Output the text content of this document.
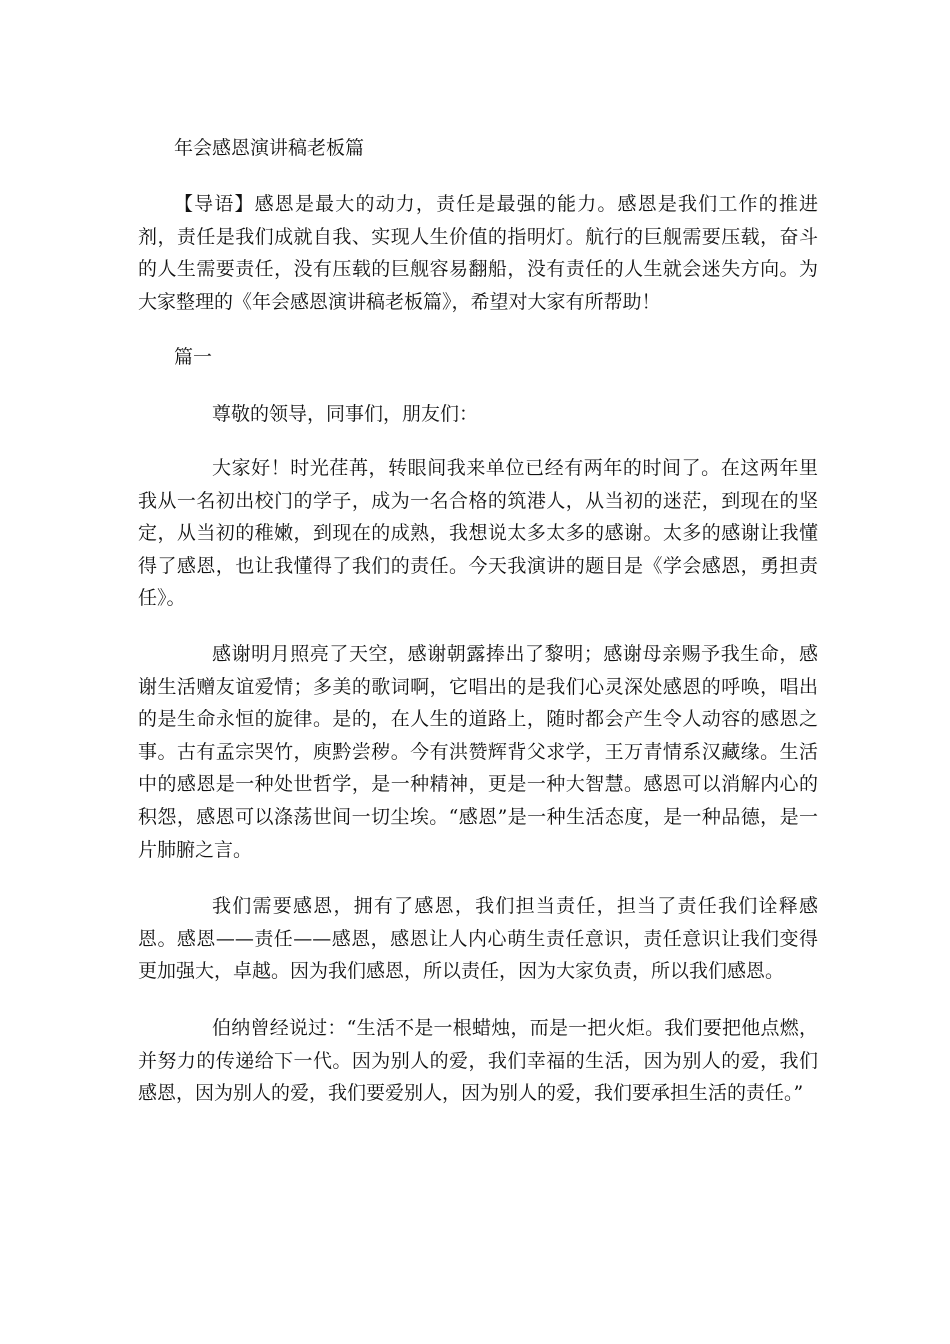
年会感恩演讲稿老板篇

【导语】感恩是最大的动力，责任是最强的能力。感恩是我们工作的推进剂，责任是我们成就自我、实现人生价值的指明灯。航行的巨舰需要压载，奋斗的人生需要责任，没有压载的巨舰容易翻船，没有责任的人生就会迷失方向。为大家整理的《年会感恩演讲稿老板篇》，希望对大家有所帮助！

篇一
尊敬的领导，同事们，朋友们：

大家好！时光荏苒，转眼间我来单位已经有两年的时间了。在这两年里我从一名初出校门的学子，成为一名合格的筑港人，从当初的迷茫，到现在的坚定，从当初的稚嫩，到现在的成熟，我想说太多太多的感谢。太多的感谢让我懂得了感恩，也让我懂得了我们的责任。今天我演讲的题目是《学会感恩，勇担责任》。

感谢明月照亮了天空，感谢朝露捧出了黎明；感谢母亲赐予我生命，感谢生活赠友谊爱情；多美的歌词啊，它唱出的是我们心灵深处感恩的呼唤，唱出的是生命永恒的旋律。是的，在人生的道路上，随时都会产生令人动容的感恩之事。古有孟宗哭竹，庾黔尝秽。今有洪赞辉背父求学，王万青情系汉藏缘。生活中的感恩是一种处世哲学，是一种精神，更是一种大智慧。感恩可以消解内心的积怨，感恩可以涤荡世间一切尘埃。“感恩”是一种生活态度，是一种品德，是一片肺腑之言。

我们需要感恩，拥有了感恩，我们担当责任，担当了责任我们诠释感恩。感恩——责任——感恩，感恩让人内心萌生责任意识，责任意识让我们变得更加强大，卓越。因为我们感恩，所以责任，因为大家负责，所以我们感恩。

伯纳曾经说过：“生活不是一根蜡烛，而是一把火炬。我们要把他点燃，并努力的传递给下一代。因为别人的爱，我们幸福的生活，因为别人的爱，我们感恩，因为别人的爱，我们要爱别人，因为别人的爱，我们要承担生活的责任。”
